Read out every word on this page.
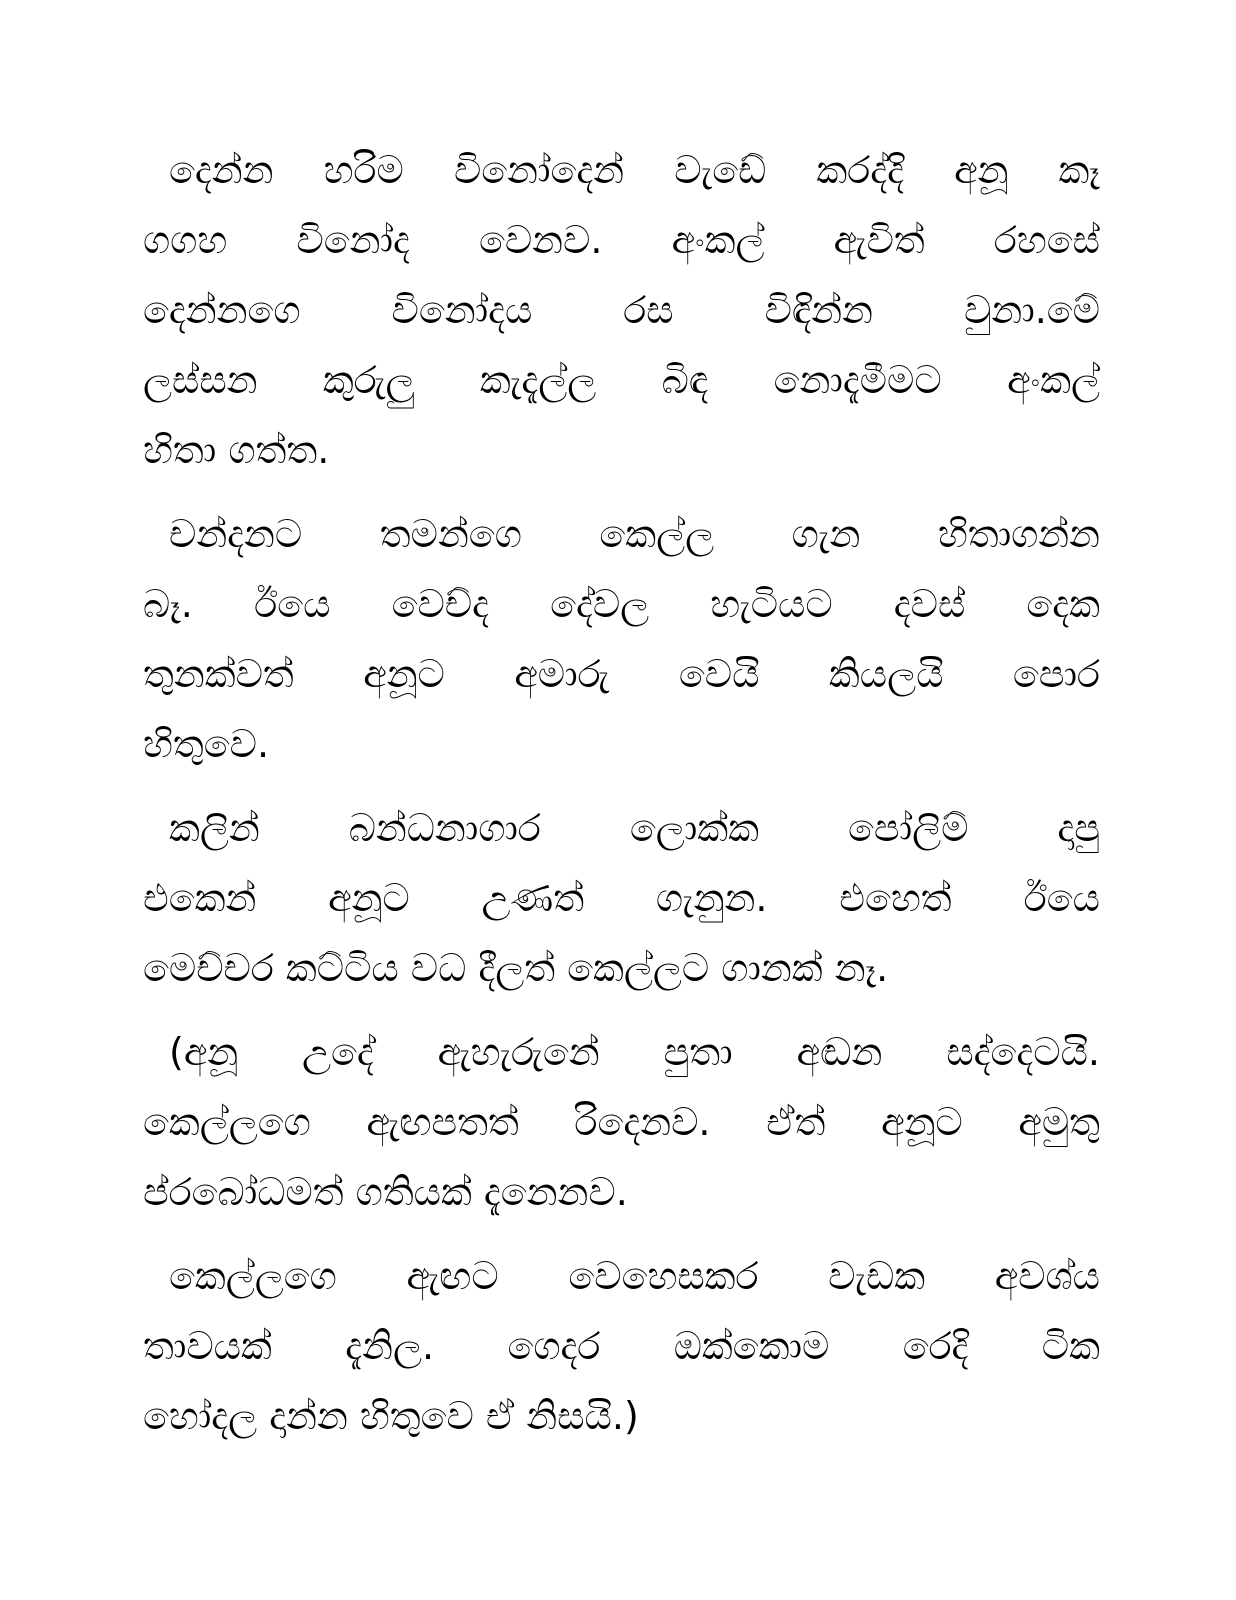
දෙන්න හරිම විනෝදෙන් වැඩේ කරද්දි අනූ කෑ
ගගහ විනෝද වෙනව. අංකල් ඇවිත් රහසේ
දෙන්නගෙ විනෝදය රස විඳින්න වුනා.මේ
ලස්සන කුරුලු කැදැල්ල බිඳ නොදැමීමට අංකල්
හිතා ගත්ත.
චන්දනට තමන්ගෙ කෙල්ල ගැන හිතාගන්න
බෑ. ඊයෙ වෙච්ද දේවල හැටියට දවස් දෙක
තුනක්වත් අනූට අමාරු වෙයි කියලයි පොර
හිතුවෙ.
කලින් බන්ධනාගාර ලොක්ක පෝලිම් දාපු
එකෙන් අනූට උණත් ගැනුන. එහෙත් ඊයෙ
මෙච්චර කට්ටිය වධ දීලත් කෙල්ලට ගානක් නෑ.
(අනූ උදේ ඇහැරුනේ පුතා අඬන සද්දෙටයි.
කෙල්ලගෙ ඇඟපතත් රිදෙනව. ඒත් අනූට අමුතු
ප්රබෝධමත් ගතියක් දැනෙනව.
කෙල්ලගෙ ඇඟට වෙහෙසකර වැඩක අවශ්ය
තාවයක් දැනිල. ගෙදර ඔක්කොම රෙදි ටික
හෝදල දාන්න හිතුවෙ ඒ නිසයි.)
